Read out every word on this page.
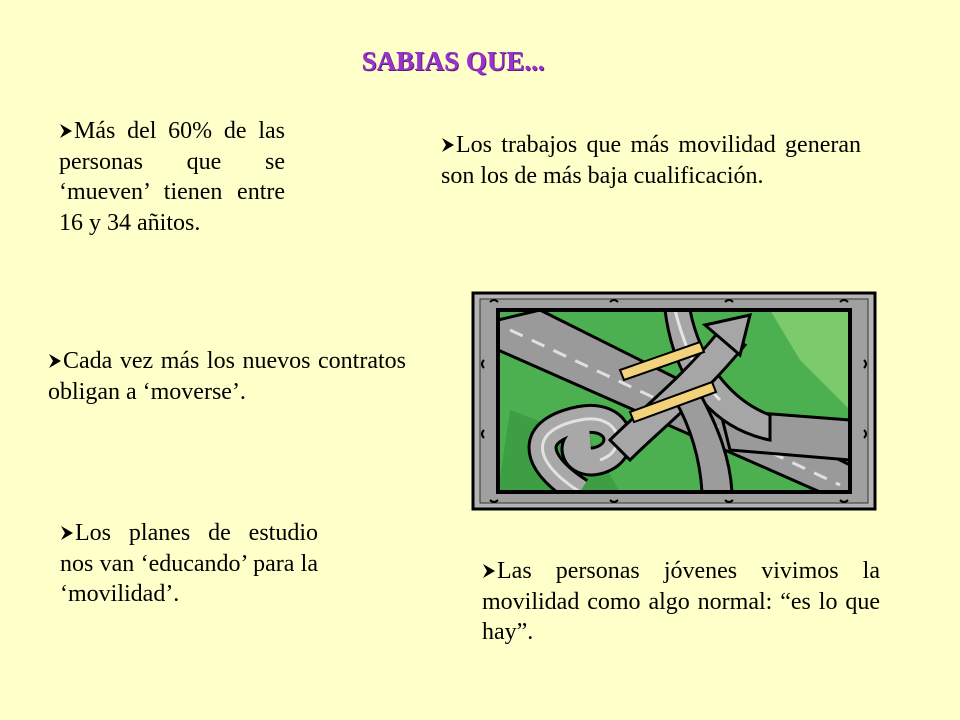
SABIAS QUE...
Más del 60% de las personas que se ‘mueven’ tienen entre 16 y 34 añitos.
Los trabajos que más movilidad generan son los de más baja cualificación.
Cada vez más los nuevos contratos obligan a ‘moverse’.
Los planes de estudio nos van ‘educando’ para la ‘movilidad’.
Las personas jóvenes vivimos la movilidad como algo normal: “es lo que hay”.
